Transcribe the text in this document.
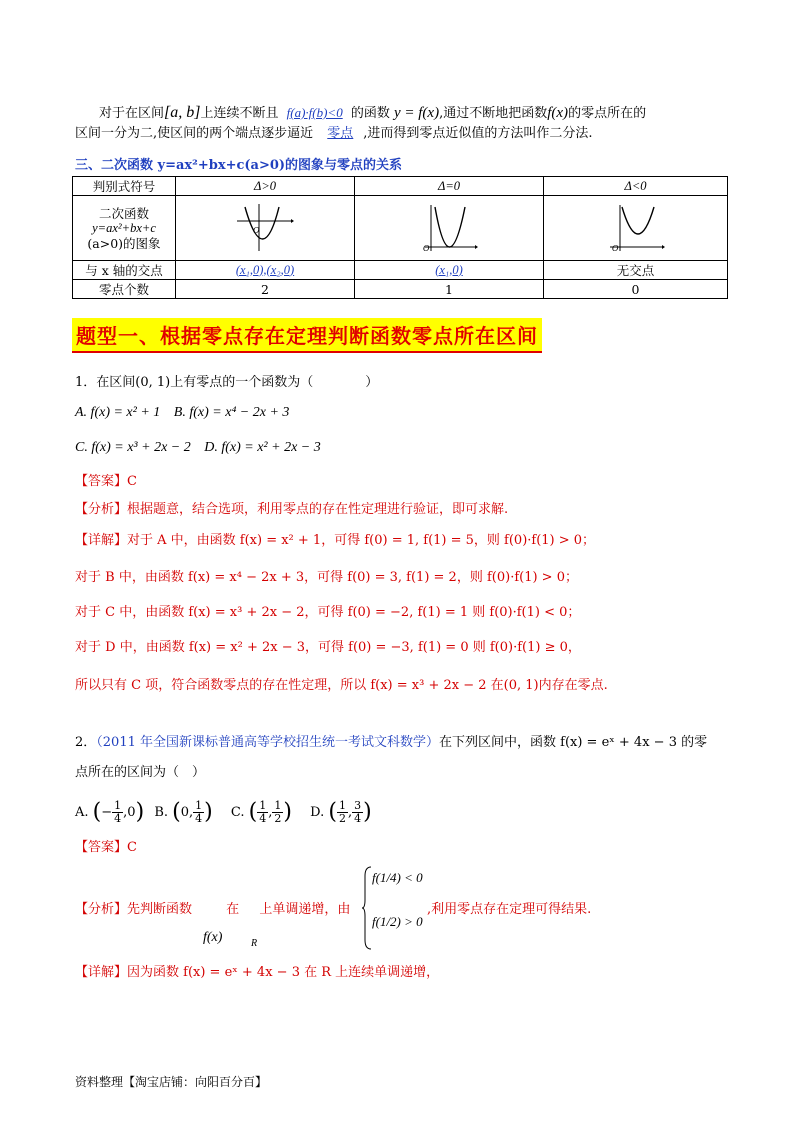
对于在区间[a, b]上连续不断且 f(a)·f(b)<0 的函数 y = f(x),通过不断地把函数f(x)的零点所在的
区间一分为二,使区间的两个端点逐步逼近 零点 ,进而得到零点近似值的方法叫作二分法.
三、二次函数 y=ax²+bx+c(a>0)的图象与零点的关系
判别式符号	Δ>0	Δ=0	Δ<0

二次函数
y=ax²+bx+c
(a>0)的图象	O	O	O

与 x 轴的交点	(x₁,0),(x₂,0)	(x₁,0)	无交点
零点个数	2	1	0
题型一、根据零点存在定理判断函数零点所在区间
1．在区间(0, 1)上有零点的一个函数为（　　　　）
A. f(x) = x² + 1 B. f(x) = x⁴ − 2x + 3
C. f(x) = x³ + 2x − 2 D. f(x) = x² + 2x − 3
【答案】C
【分析】根据题意，结合选项，利用零点的存在性定理进行验证，即可求解.
【详解】对于 A 中，由函数 f(x) = x² + 1，可得 f(0) = 1, f(1) = 5，则 f(0)·f(1) > 0；
对于 B 中，由函数 f(x) = x⁴ − 2x + 3，可得 f(0) = 3, f(1) = 2，则 f(0)·f(1) > 0；
对于 C 中，由函数 f(x) = x³ + 2x − 2，可得 f(0) = −2, f(1) = 1 则 f(0)·f(1) < 0；
对于 D 中，由函数 f(x) = x² + 2x − 3，可得 f(0) = −3, f(1) = 0 则 f(0)·f(1) ≥ 0，
所以只有 C 项，符合函数零点的存在性定理，所以 f(x) = x³ + 2x − 2 在(0, 1)内存在零点.
2．（2011 年全国新课标普通高等学校招生统一考试文科数学）在下列区间中，函数 f(x) = eˣ + 4x − 3 的零
点所在的区间为（　）
A. (− $\frac{1}{4} ,0$) B. (0, $\frac{1}{4}$ ) C. ( $\frac{1}{4}$ , $\frac{1}{2}$ ) D. ( $\frac{1}{2}$ , $\frac{3}{4}$ )
【答案】C
【分析】先判断函数	在 上单调递增，由
f(x)	R
f(1/4) < 0
f(1/2) > 0
,利用零点存在定理可得结果.
【详解】因为函数 f(x) = eˣ + 4x − 3 在 R 上连续单调递增，
资料整理【淘宝店铺：向阳百分百】
